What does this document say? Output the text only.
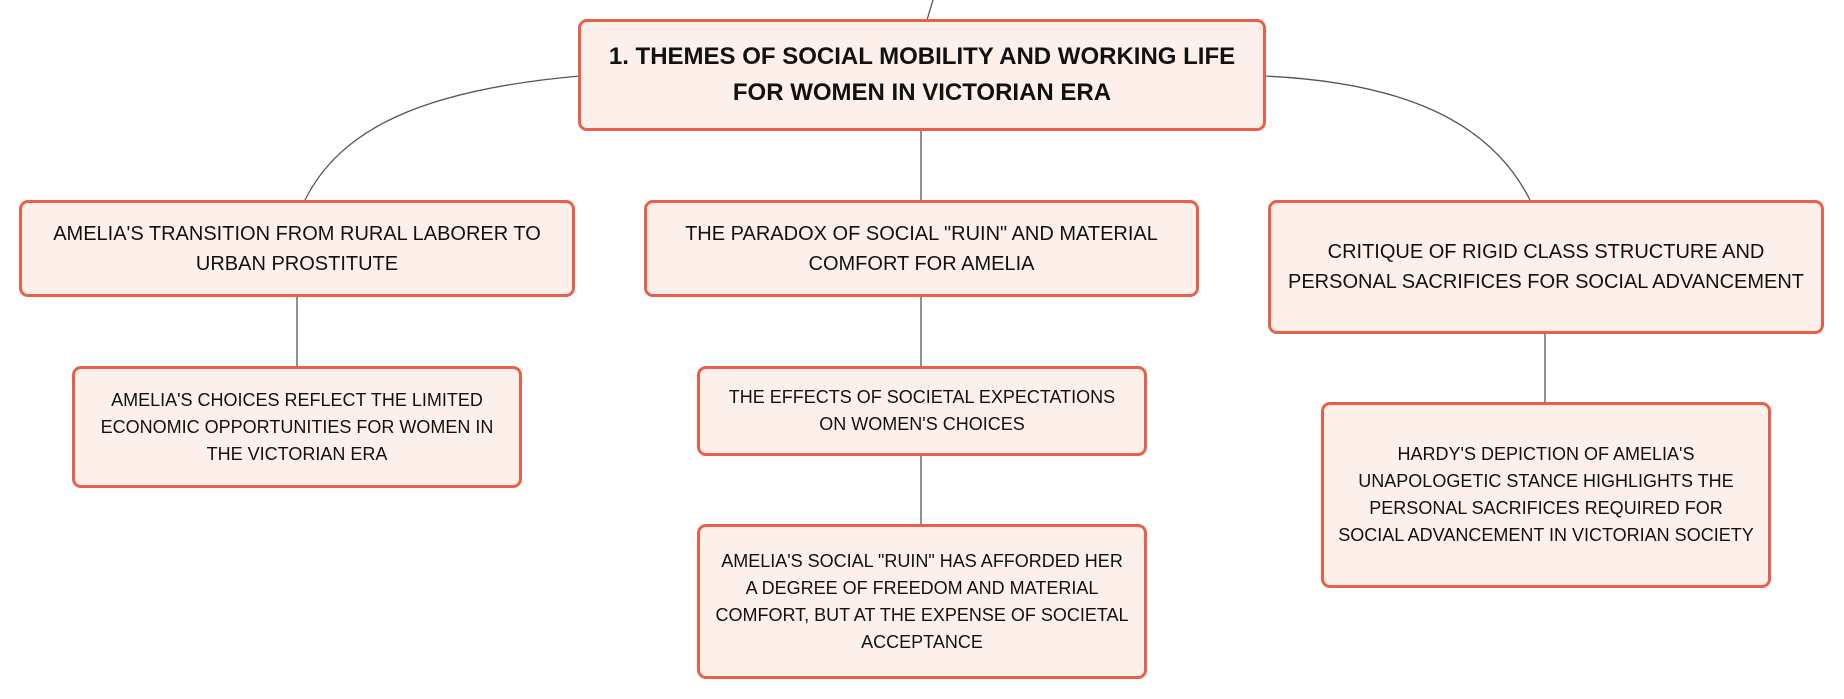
1. THEMES OF SOCIAL MOBILITY AND WORKING LIFE FOR WOMEN IN VICTORIAN ERA
AMELIA'S TRANSITION FROM RURAL LABORER TO URBAN PROSTITUTE
THE PARADOX OF SOCIAL "RUIN" AND MATERIAL COMFORT FOR AMELIA
CRITIQUE OF RIGID CLASS STRUCTURE AND PERSONAL SACRIFICES FOR SOCIAL ADVANCEMENT
AMELIA'S CHOICES REFLECT THE LIMITED ECONOMIC OPPORTUNITIES FOR WOMEN IN THE VICTORIAN ERA
THE EFFECTS OF SOCIETAL EXPECTATIONS ON WOMEN'S CHOICES
AMELIA'S SOCIAL "RUIN" HAS AFFORDED HER A DEGREE OF FREEDOM AND MATERIAL COMFORT, BUT AT THE EXPENSE OF SOCIETAL ACCEPTANCE
HARDY'S DEPICTION OF AMELIA'S UNAPOLOGETIC STANCE HIGHLIGHTS THE PERSONAL SACRIFICES REQUIRED FOR SOCIAL ADVANCEMENT IN VICTORIAN SOCIETY
